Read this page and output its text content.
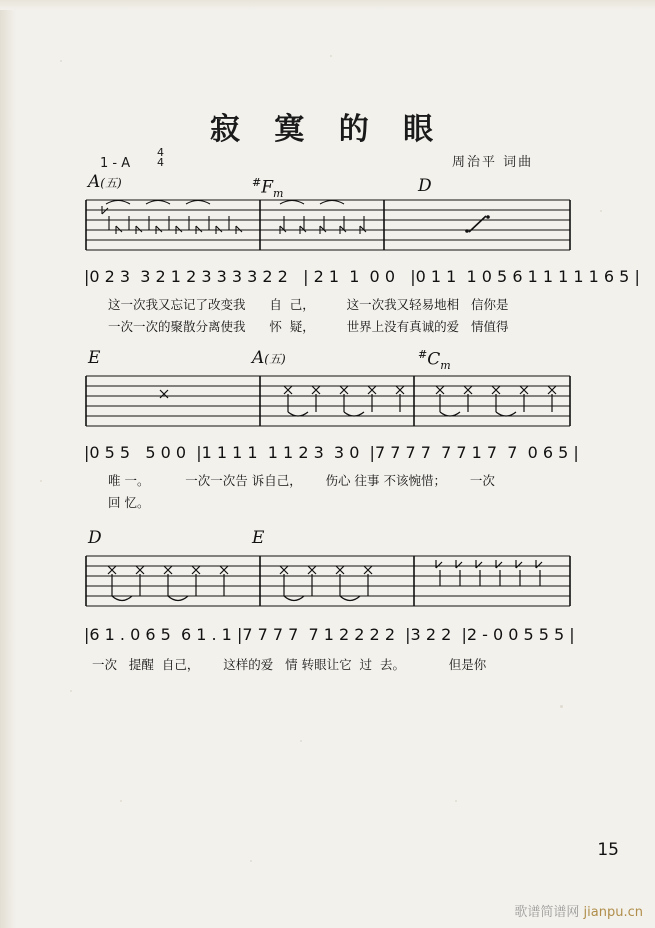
寂 寞 的 眼
周治平 词曲
1 - A
4
4
A(五)	$^{\#}F_m$	D
|0 2 3  3 2 1 2 3 3 3 3 2 2   | 2 1  1  0 0   |0 1 1  1 0 5 6 1 1 1 1 1 6 5 |
这一次我又忘记了改变我      自  己，        这一次我又轻易地相   信你是
一次一次的聚散分离使我      怀  疑，        世界上没有真诚的爱   情值得
E	A(五)	$^{\#}C_m$
|0 5 5   5 0 0  |1 1 1 1  1 1 2 3  3 0  |7 7 7 7  7 7 1 7  7  0 6 5 |
唯 一。         一次一次告 诉自己，      伤心 往事 不该惋惜；      一次
回 忆。
D	E
|6 1 . 0 6 5  6 1 . 1 |7 7 7 7  7 1 2 2 2 2  |3 2 2  |2 - 0 0 5 5 5 |
一次   提醒  自己，      这样的爱   情 转眼让它  过  去。           但是你
15
歌谱简谱网 jianpu.cn
